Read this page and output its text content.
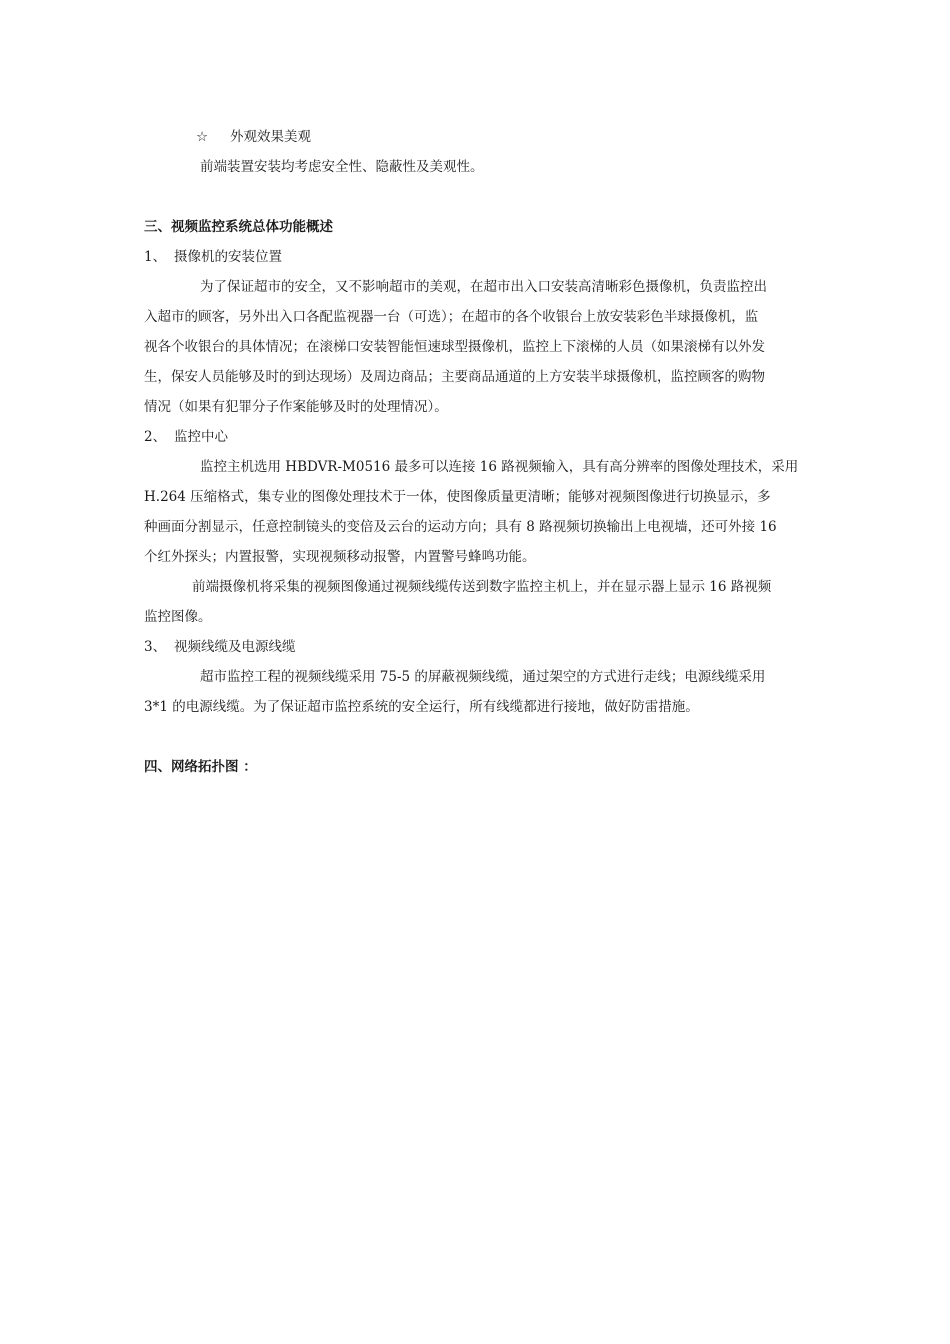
☆ 外观效果美观
前端装置安装均考虑安全性、隐蔽性及美观性。
三、视频监控系统总体功能概述
1、 摄像机的安装位置
为了保证超市的安全，又不影响超市的美观，在超市出入口安装高清晰彩色摄像机，负责监控出
入超市的顾客，另外出入口各配监视器一台（可选）；在超市的各个收银台上放安装彩色半球摄像机，监
视各个收银台的具体情况；在滚梯口安装智能恒速球型摄像机，监控上下滚梯的人员（如果滚梯有以外发
生，保安人员能够及时的到达现场）及周边商品；主要商品通道的上方安装半球摄像机，监控顾客的购物
情况（如果有犯罪分子作案能够及时的处理情况）。
2、 监控中心
监控主机选用 HBDVR-M0516 最多可以连接 16 路视频输入，具有高分辨率的图像处理技术，采用
H.264 压缩格式，集专业的图像处理技术于一体，使图像质量更清晰；能够对视频图像进行切换显示，多
种画面分割显示，任意控制镜头的变倍及云台的运动方向；具有 8 路视频切换输出上电视墙，还可外接 16
个红外探头；内置报警，实现视频移动报警，内置警号蜂鸣功能。
前端摄像机将采集的视频图像通过视频线缆传送到数字监控主机上，并在显示器上显示 16 路视频
监控图像。
3、 视频线缆及电源线缆
超市监控工程的视频线缆采用 75-5 的屏蔽视频线缆，通过架空的方式进行走线；电源线缆采用
3*1 的电源线缆。为了保证超市监控系统的安全运行，所有线缆都进行接地，做好防雷措施。
四、网络拓扑图 ：
